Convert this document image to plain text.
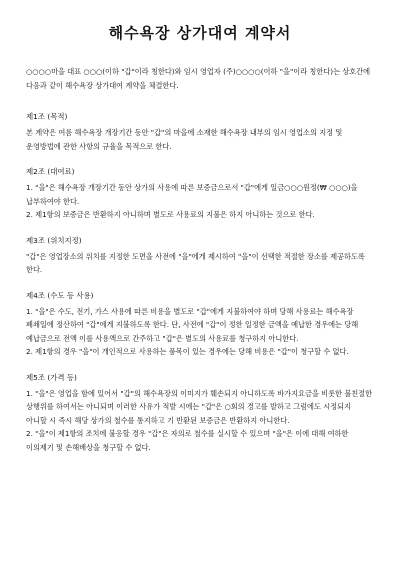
해수욕장 상가대여 계약서

○○○○마을 대표 ○○○(이하 "갑"이라 칭한다)와 임시 영업자 (주)○○○○(이하 "을"이라 칭한다)는 상호간에 다음과 같이 해수욕장 상가대여 계약을 체결한다.

제1조 (목적)

본 계약은 여름 해수욕장 개장기간 동안 "갑"의 마을에 소재한 해수욕장 내부의 임시 영업소의 지정 및 운영방법에 관한 사항의 규율을 목적으로 한다.

제2조 (대여료)

1. "을"은 해수욕장 개장기간 동안 상가의 사용에 따른 보증금으로서 "갑"에게 일금○○○원정(₩ ○○○)을 납부하여야 한다.

2. 제1항의 보증금은 반환하지 아니하며 별도로 사용료의 지불은 하지 아니하는 것으로 한다.

제3조 (위치지정)

"갑"은 영업장소의 위치를 지정한 도면을 사전에 "을"에게 제시하여 "을"이 선택한 적절한 장소를 제공하도록 한다.

제4조 (수도 등 사용)

1. "을"은 수도, 전기, 가스 사용에 따른 비용을 별도로 "갑"에게 지불하여야 하며 당해 사용료는 해수욕장 폐쇄일에 정산하여 "갑"에게 지불하도록 한다. 단, 사전에 "갑"이 정한 일정한 금액을 예납한 경우에는 당해 예납금으로 전액 이를 사용액으로 간주하고 "갑"은 별도의 사용료를 청구하지 아니한다.

2. 제1항의 경우 "을"이 개인적으로 사용하는 품목이 있는 경우에는 당해 비용은 "갑"이 청구할 수 없다.

제5조 (가격 등)

1. "을"은 영업을 함에 있어서 "갑"의 해수욕장의 이미지가 훼손되지 아니하도록 바가지요금을 비롯한 불친절한 상행위를 하여서는 아니되며 이러한 사유가 적발 시에는 "갑"은 ○회의 경고를 발하고 그럼에도 시정되지 아니할 시 즉시 해당 상가의 철수를 통지하고 기 반환된 보증금은 반환하지 아니한다.

2. "을"이 제1항의 조치에 불응할 경우 "갑"은 자의로 철수를 실시할 수 있으며 "을"은 이에 대해 여하한 이의제기 및 손해배상을 청구할 수 없다.
